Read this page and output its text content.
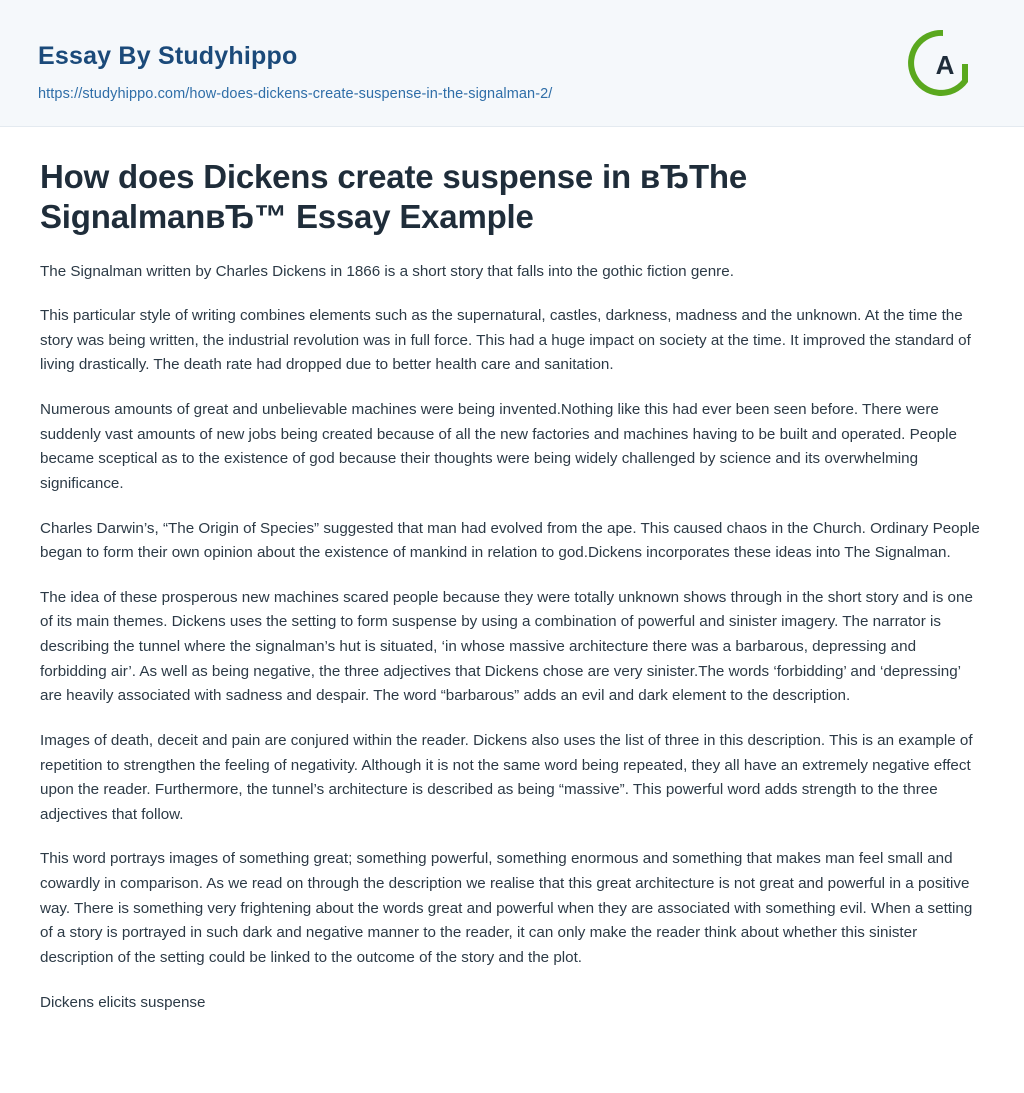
Essay By Studyhippo
https://studyhippo.com/how-does-dickens-create-suspense-in-the-signalman-2/
A
How does Dickens create suspense in вЂThe SignalmanвЂ™ Essay Example

The Signalman written by Charles Dickens in 1866 is a short story that falls into the gothic fiction genre.

This particular style of writing combines elements such as the supernatural, castles, darkness, madness and the unknown. At the time the story was being written, the industrial revolution was in full force. This had a huge impact on society at the time. It improved the standard of living drastically. The death rate had dropped due to better health care and sanitation.

Numerous amounts of great and unbelievable machines were being invented.Nothing like this had ever been seen before. There were suddenly vast amounts of new jobs being created because of all the new factories and machines having to be built and operated. People became sceptical as to the existence of god because their thoughts were being widely challenged by science and its overwhelming significance.

Charles Darwin’s, “The Origin of Species” suggested that man had evolved from the ape. This caused chaos in the Church. Ordinary People began to form their own opinion about the existence of mankind in relation to god.Dickens incorporates these ideas into The Signalman.

The idea of these prosperous new machines scared people because they were totally unknown shows through in the short story and is one of its main themes. Dickens uses the setting to form suspense by using a combination of powerful and sinister imagery. The narrator is describing the tunnel where the signalman’s hut is situated, ‘in whose massive architecture there was a barbarous, depressing and forbidding air’. As well as being negative, the three adjectives that Dickens chose are very sinister.The words ‘forbidding’ and ‘depressing’ are heavily associated with sadness and despair. The word “barbarous” adds an evil and dark element to the description.

Images of death, deceit and pain are conjured within the reader. Dickens also uses the list of three in this description. This is an example of repetition to strengthen the feeling of negativity. Although it is not the same word being repeated, they all have an extremely negative effect upon the reader. Furthermore, the tunnel’s architecture is described as being “massive”. This powerful word adds strength to the three adjectives that follow.

This word portrays images of something great; something powerful, something enormous and something that makes man feel small and cowardly in comparison. As we read on through the description we realise that this great architecture is not great and powerful in a positive way. There is something very frightening about the words great and powerful when they are associated with something evil. When a setting of a story is portrayed in such dark and negative manner to the reader, it can only make the reader think about whether this sinister description of the setting could be linked to the outcome of the story and the plot.

Dickens elicits suspense
